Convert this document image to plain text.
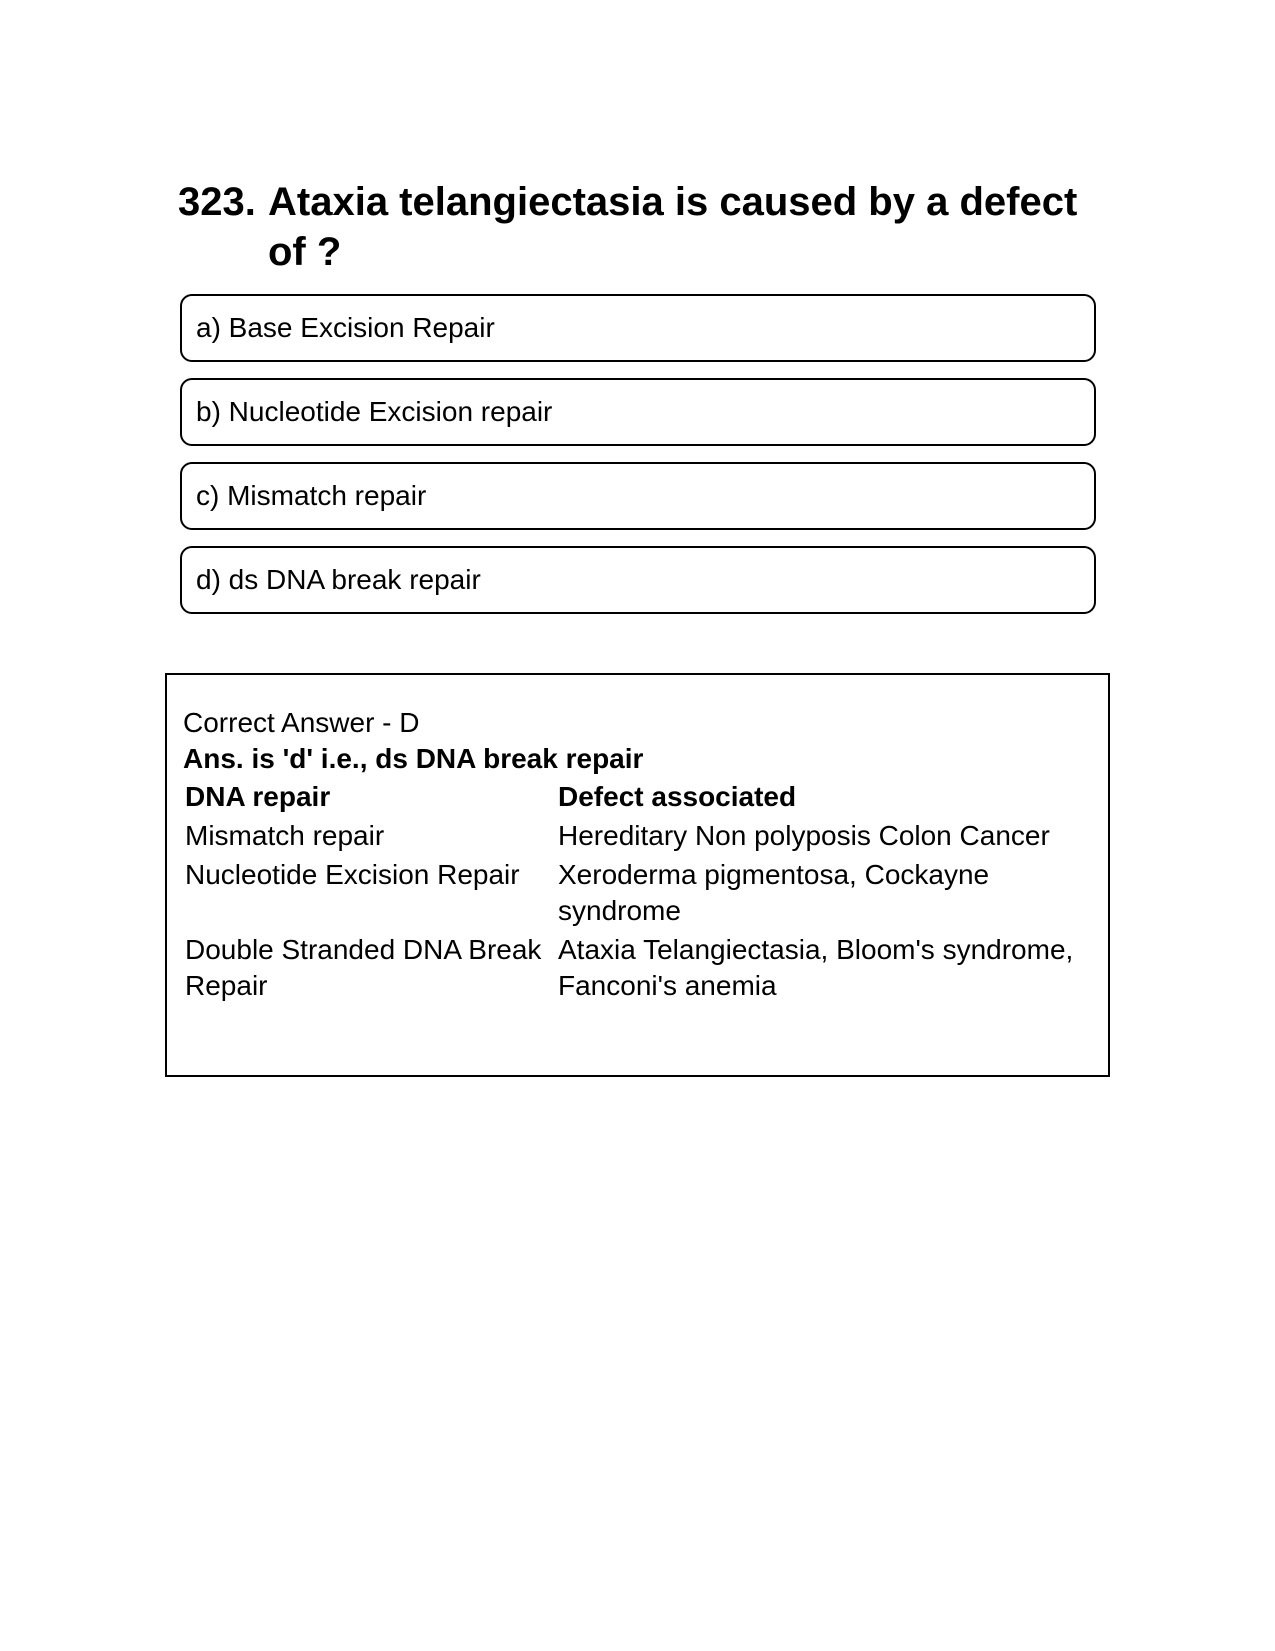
323. Ataxia telangiectasia is caused by a defect of ?
a) Base Excision Repair
b) Nucleotide Excision repair
c) Mismatch repair
d) ds DNA break repair

Correct Answer - D

Ans. is 'd' i.e., ds DNA break repair

DNA repair	Defect associated
Mismatch repair	Hereditary Non polyposis Colon Cancer
Nucleotide Excision Repair	Xeroderma pigmentosa, Cockayne syndrome
Double Stranded DNA Break Repair	Ataxia Telangiectasia, Bloom's syndrome, Fanconi's anemia
